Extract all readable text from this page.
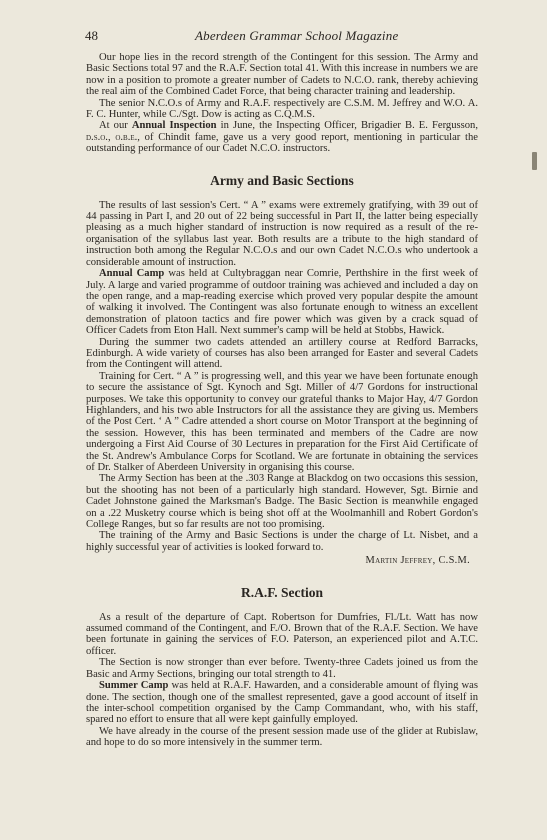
48	Aberdeen Grammar School Magazine

Our hope lies in the record strength of the Contingent for this session. The Army and Basic Sections total 97 and the R.A.F. Section total 41. With this increase in numbers we are now in a position to promote a greater number of Cadets to N.C.O. rank, thereby achieving the real aim of the Combined Cadet Force, that being character training and leadership.

The senior N.C.O.s of Army and R.A.F. respectively are C.S.M. M. Jeffrey and W.O. A. F. C. Hunter, while C./Sgt. Dow is acting as C.Q.M.S.

At our Annual Inspection in June, the Inspecting Officer, Brigadier B. E. Fergusson, d.s.o., o.b.e., of Chindit fame, gave us a very good report, mentioning in particular the outstanding performance of our Cadet N.C.O. instructors.

Army and Basic Sections

The results of last session's Cert. “ A ” exams were extremely gratifying, with 39 out of 44 passing in Part I, and 20 out of 22 being successful in Part II, the latter being especially pleasing as a much higher standard of instruction is now required as a result of the re-organisation of the syllabus last year. Both results are a tribute to the high standard of instruction both among the Regular N.C.O.s and our own Cadet N.C.O.s who undertook a considerable amount of instruction.

Annual Camp was held at Cultybraggan near Comrie, Perthshire in the first week of July. A large and varied programme of outdoor training was achieved and included a day on the open range, and a map-reading exercise which proved very popular despite the amount of walking it involved. The Contingent was also fortunate enough to witness an excellent demonstration of platoon tactics and fire power which was given by a crack squad of Officer Cadets from Eton Hall. Next summer's camp will be held at Stobbs, Hawick.

During the summer two cadets attended an artillery course at Redford Barracks, Edinburgh. A wide variety of courses has also been arranged for Easter and several Cadets from the Contingent will attend.

Training for Cert. “ A ” is progressing well, and this year we have been fortunate enough to secure the assistance of Sgt. Kynoch and Sgt. Miller of 4/7 Gordons for instructional purposes. We take this opportunity to convey our grateful thanks to Major Hay, 4/7 Gordon Highlanders, and his two able Instructors for all the assistance they are giving us. Members of the Post Cert. ‘ A ” Cadre attended a short course on Motor Transport at the beginning of the session. However, this has been terminated and members of the Cadre are now undergoing a First Aid Course of 30 Lectures in preparation for the First Aid Certificate of the St. Andrew's Ambulance Corps for Scotland. We are fortunate in obtaining the services of Dr. Stalker of Aberdeen University in organising this course.

The Army Section has been at the .303 Range at Blackdog on two occasions this session, but the shooting has not been of a particularly high standard. However, Sgt. Birnie and Cadet Johnstone gained the Marksman's Badge. The Basic Section is meanwhile engaged on a .22 Musketry course which is being shot off at the Woolmanhill and Robert Gordon's College Ranges, but so far results are not too promising.

The training of the Army and Basic Sections is under the charge of Lt. Nisbet, and a highly successful year of activities is looked forward to.

Martin Jeffrey, C.S.M.
R.A.F. Section

As a result of the departure of Capt. Robertson for Dumfries, Fl./Lt. Watt has now assumed command of the Contingent, and F./O. Brown that of the R.A.F. Section. We have been fortunate in gaining the services of F.O. Paterson, an experienced pilot and A.T.C. officer.

The Section is now stronger than ever before. Twenty-three Cadets joined us from the Basic and Army Sections, bringing our total strength to 41.

Summer Camp was held at R.A.F. Hawarden, and a considerable amount of flying was done. The section, though one of the smallest represented, gave a good account of itself in the inter-school competition organised by the Camp Commandant, who, with his staff, spared no effort to ensure that all were kept gainfully employed.

We have already in the course of the present session made use of the glider at Rubislaw, and hope to do so more intensively in the summer term.
